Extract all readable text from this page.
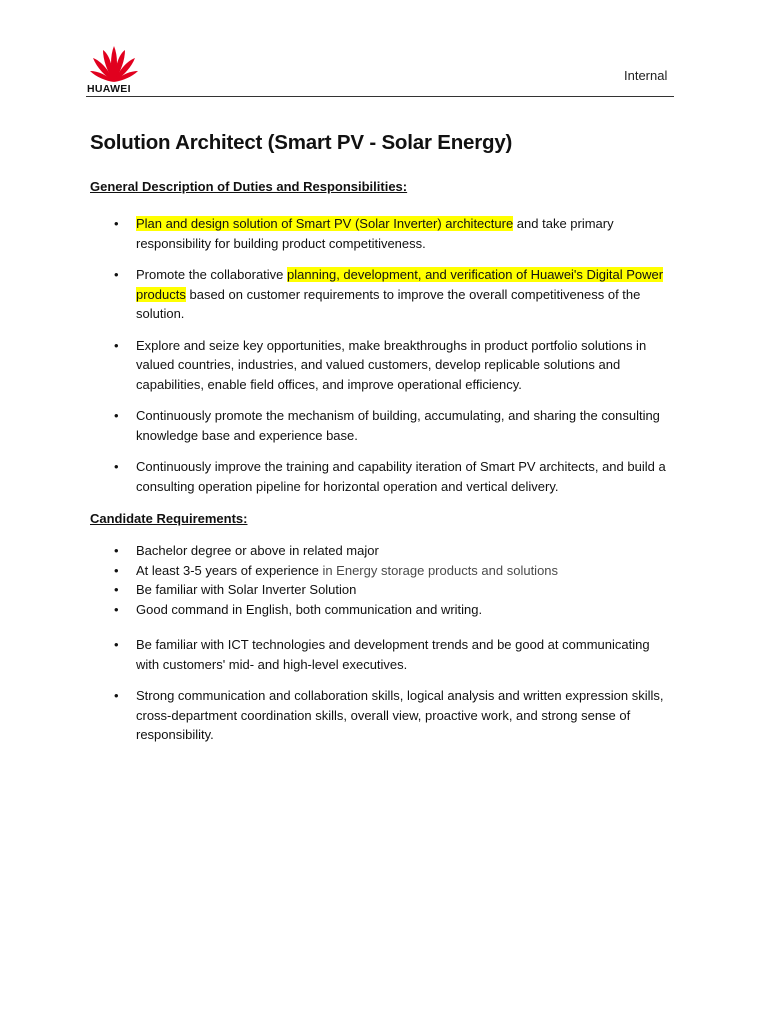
HUAWEI
Internal
Solution Architect (Smart PV - Solar Energy)
General Description of Duties and Responsibilities:
• Plan and design solution of Smart PV (Solar Inverter) architecture and take primary responsibility for building product competitiveness.
• Promote the collaborative planning, development, and verification of Huawei's Digital Power products based on customer requirements to improve the overall competitiveness of the solution.
• Explore and seize key opportunities, make breakthroughs in product portfolio solutions in valued countries, industries, and valued customers, develop replicable solutions and capabilities, enable field offices, and improve operational efficiency.
• Continuously promote the mechanism of building, accumulating, and sharing the consulting knowledge base and experience base.
• Continuously improve the training and capability iteration of Smart PV architects, and build a consulting operation pipeline for horizontal operation and vertical delivery.
Candidate Requirements:
• Bachelor degree or above in related major
• At least 3-5 years of experience in Energy storage products and solutions
• Be familiar with Solar Inverter Solution
• Good command in English, both communication and writing.
• Be familiar with ICT technologies and development trends and be good at communicating with customers' mid- and high-level executives.
• Strong communication and collaboration skills, logical analysis and written expression skills, cross-department coordination skills, overall view, proactive work, and strong sense of responsibility.
